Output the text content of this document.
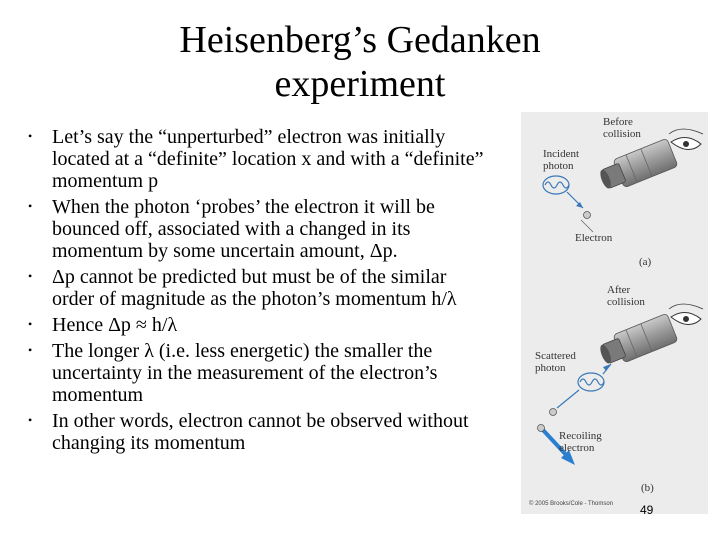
Heisenberg’s Gedanken
experiment
• Let’s say the “unperturbed” electron was initially located at a “definite” location x and with a “definite” momentum p
• When the photon ‘probes’ the electron it will be bounced off, associated with a changed in its momentum by some uncertain amount, Δp.
• Δp cannot be predicted but must be of the similar order of magnitude as the photon’s momentum h/λ
• Hence Δp ≈ h/λ
• The longer λ (i.e. less energetic) the smaller the uncertainty in the measurement of the electron’s momentum
• In other words, electron cannot be observed without changing its momentum
Before collision
Incident photon
Electron
(a)
After collision
Scattered photon
Recoiling electron
(b)
© 2005 Brooks/Cole - Thomson 49
